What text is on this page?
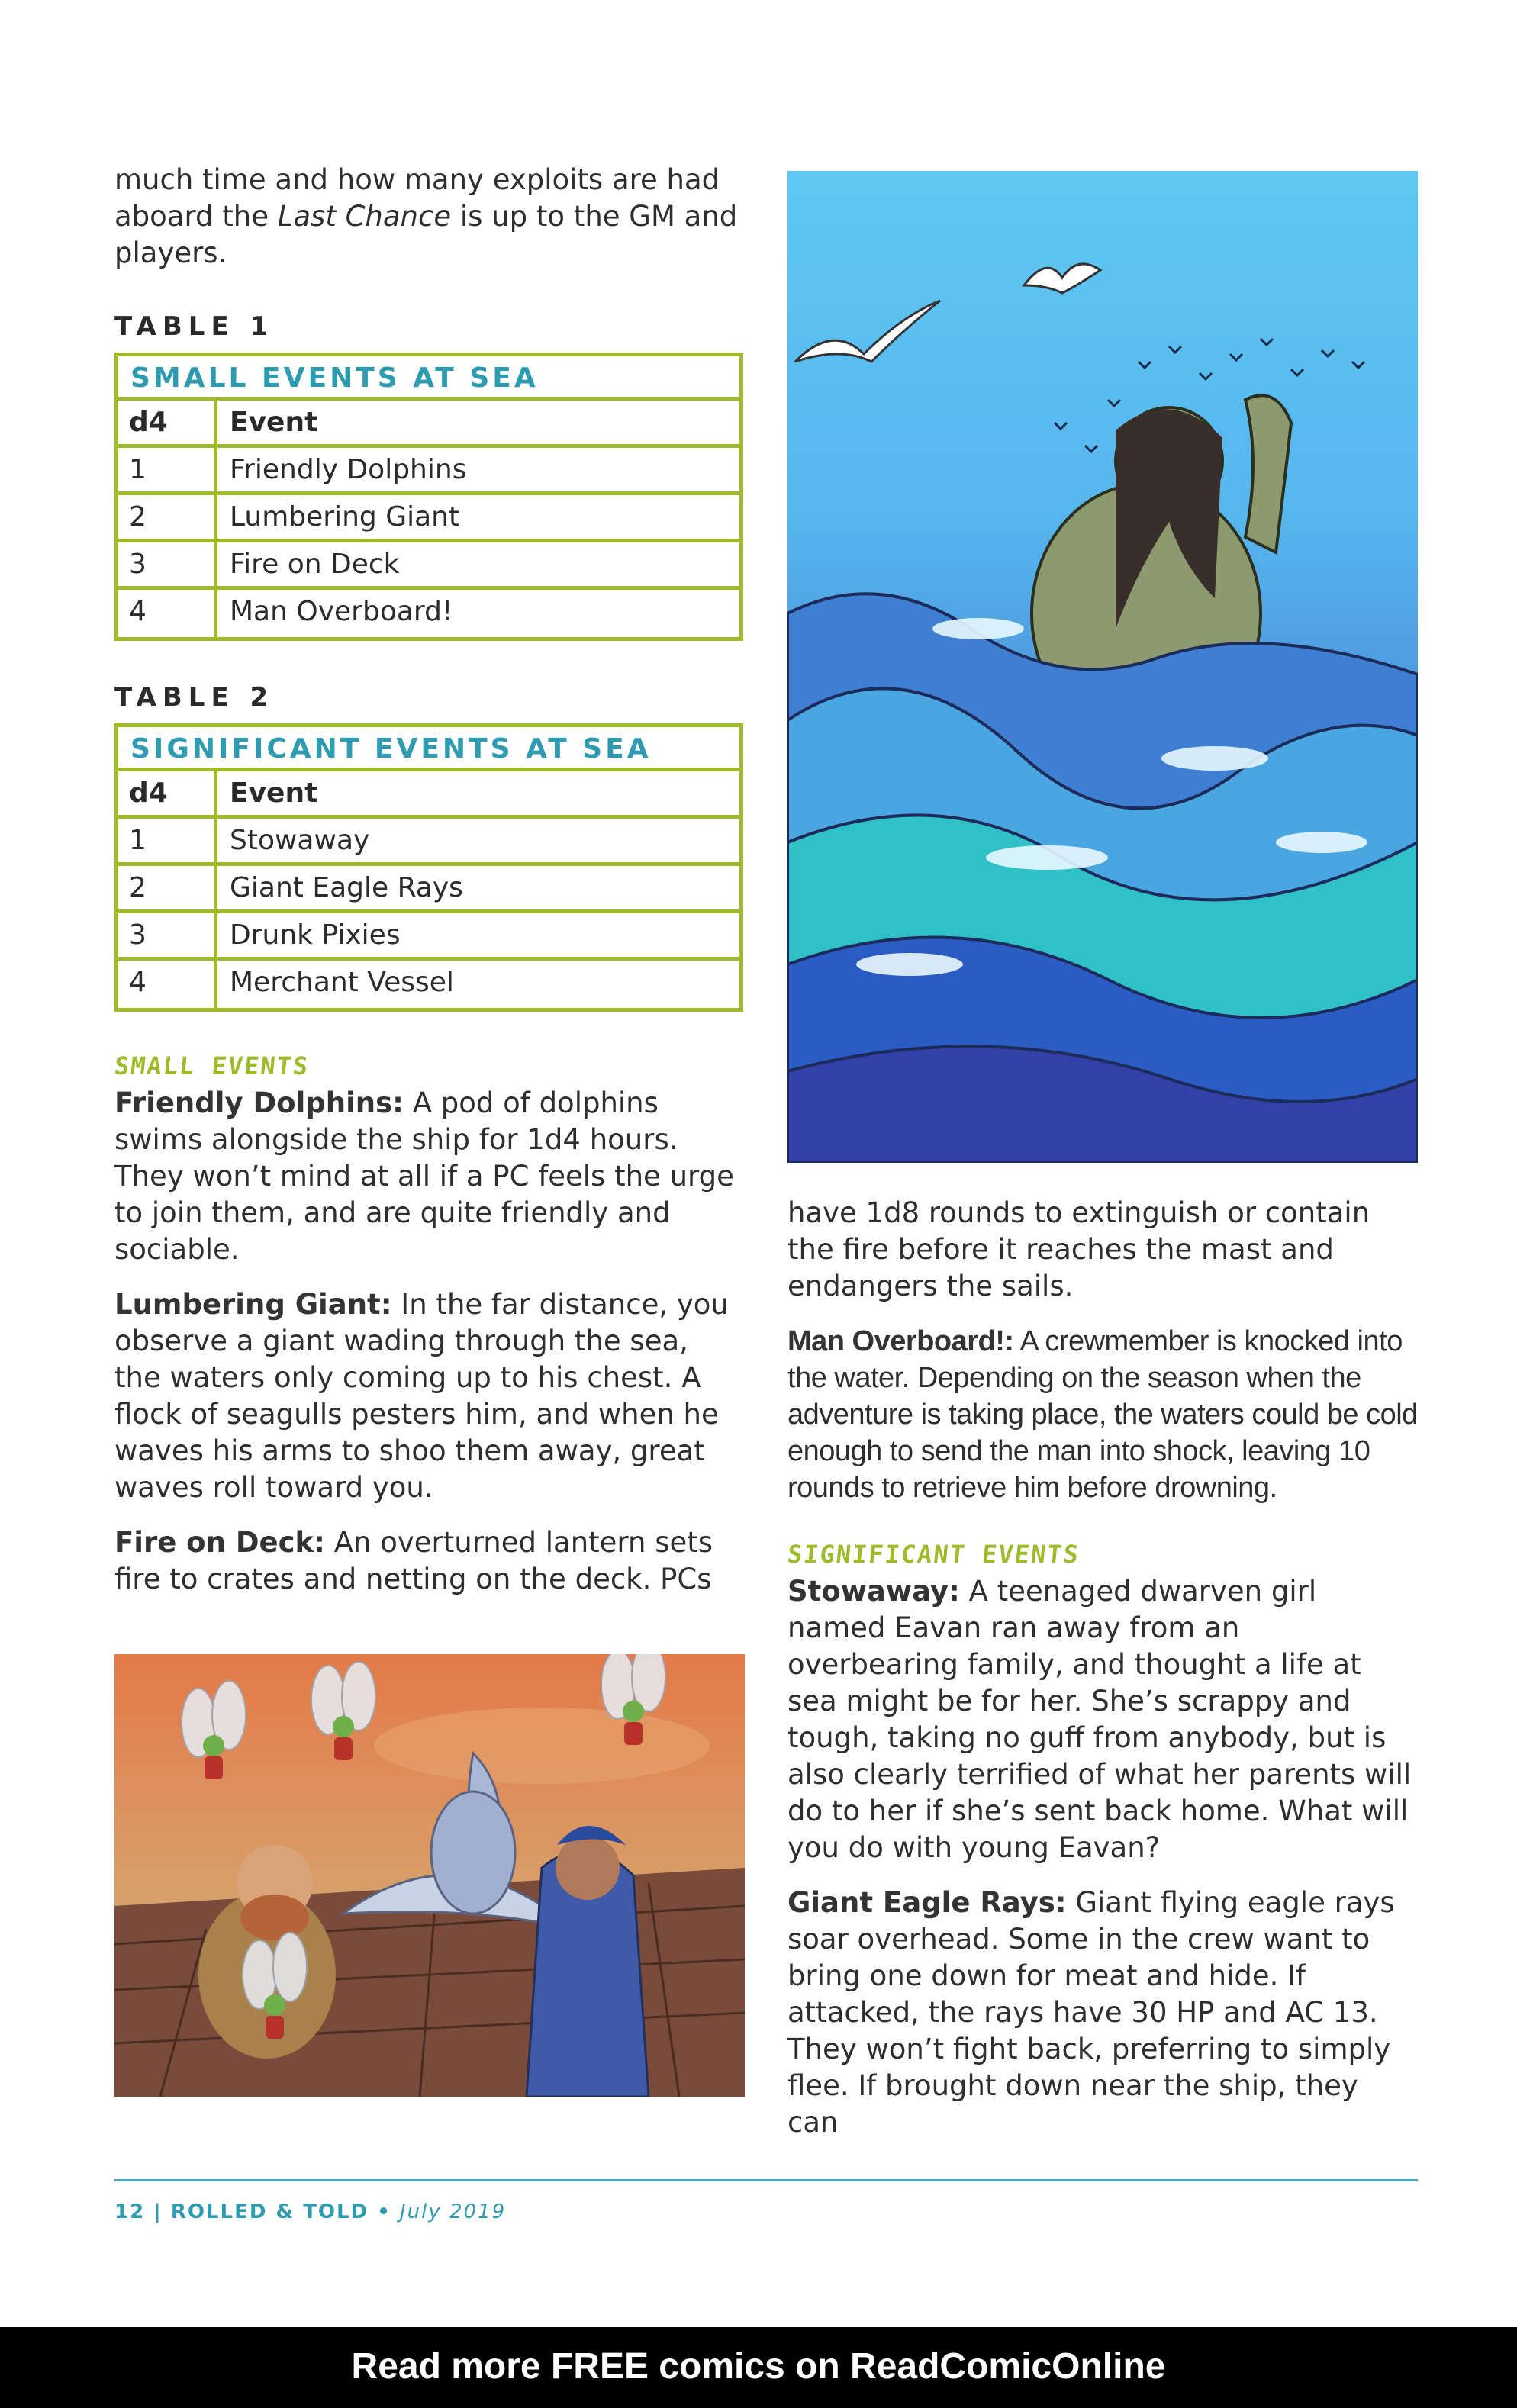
much time and how many exploits are had aboard the Last Chance is up to the GM and players.
TABLE 1
SMALL EVENTS AT SEA
d4	Event
1	Friendly Dolphins
2	Lumbering Giant
3	Fire on Deck
4	Man Overboard!
TABLE 2
SIGNIFICANT EVENTS AT SEA
d4	Event
1	Stowaway
2	Giant Eagle Rays
3	Drunk Pixies
4	Merchant Vessel
SMALL EVENTS

Friendly Dolphins: A pod of dolphins swims alongside the ship for 1d4 hours. They won’t mind at all if a PC feels the urge to join them, and are quite friendly and sociable.

Lumbering Giant: In the far distance, you observe a giant wading through the sea, the waters only coming up to his chest. A flock of seagulls pesters him, and when he waves his arms to shoo them away, great waves roll toward you.

Fire on Deck: An overturned lantern sets fire to crates and netting on the deck. PCs

have 1d8 rounds to extinguish or contain the fire before it reaches the mast and endangers the sails.
Man Overboard!: A crewmember is knocked into the water. Depending on the season when the adventure is taking place, the waters could be cold enough to send the man into shock, leaving 10 rounds to retrieve him before drowning.
SIGNIFICANT EVENTS

Stowaway: A teenaged dwarven girl named Eavan ran away from an overbearing family, and thought a life at sea might be for her. She’s scrappy and tough, taking no guff from anybody, but is also clearly terrified of what her parents will do to her if she’s sent back home. What will you do with young Eavan?

Giant Eagle Rays: Giant flying eagle rays soar overhead. Some in the crew want to bring one down for meat and hide. If attacked, the rays have 30 HP and AC 13. They won’t fight back, preferring to simply flee. If brought down near the ship, they can

12 | ROLLED & TOLD • July 2019
Read more FREE comics on ReadComicOnline
